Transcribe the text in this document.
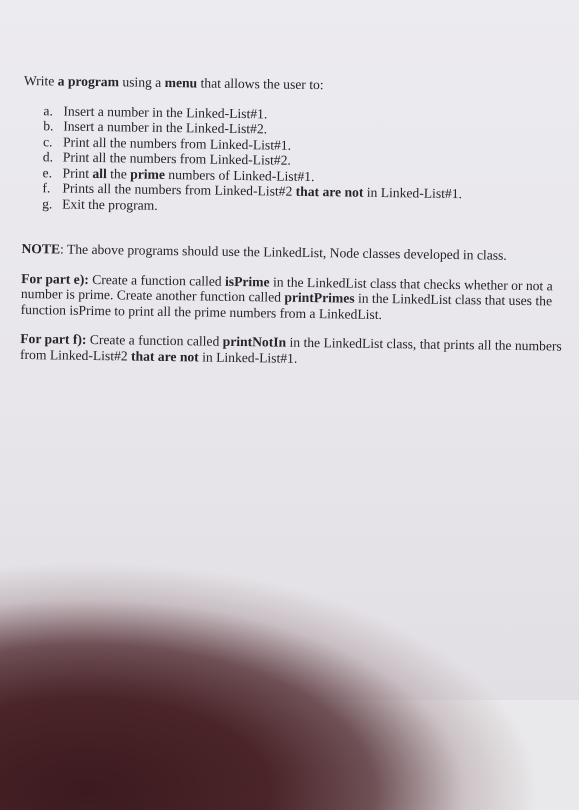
Write a program using a menu that allows the user to:

a. Insert a number in the Linked-List#1.
b. Insert a number in the Linked-List#2.
c. Print all the numbers from Linked-List#1.
d. Print all the numbers from Linked-List#2.
e. Print all the prime numbers of Linked-List#1.
f. Prints all the numbers from Linked-List#2 that are not in Linked-List#1.
g. Exit the program.

NOTE: The above programs should use the LinkedList, Node classes developed in class.

For part e): Create a function called isPrime in the LinkedList class that checks whether or not a number is prime. Create another function called printPrimes in the LinkedList class that uses the function isPrime to print all the prime numbers from a LinkedList.

For part f): Create a function called printNotIn in the LinkedList class, that prints all the numbers from Linked-List#2 that are not in Linked-List#1.
